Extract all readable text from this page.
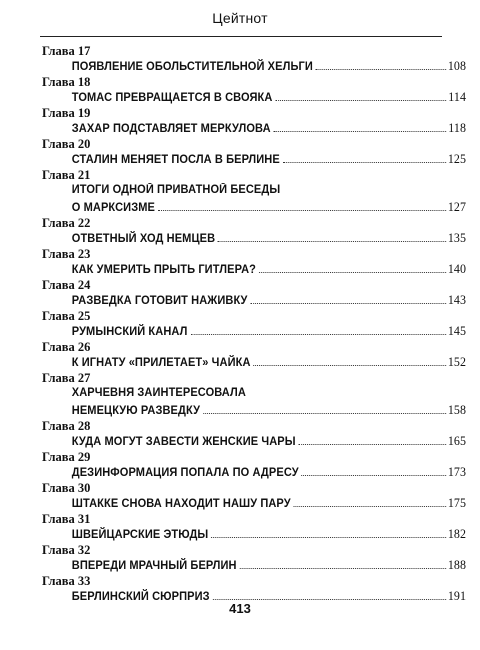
Цейтнот
Глава 17
ПОЯВЛЕНИЕ ОБОЛЬСТИТЕЛЬНОЙ ХЕЛЬГИ	108
Глава 18
ТОМАС ПРЕВРАЩАЕТСЯ В СВОЯКА	114
Глава 19
ЗАХАР ПОДСТАВЛЯЕТ МЕРКУЛОВА	118
Глава 20
СТАЛИН МЕНЯЕТ ПОСЛА В БЕРЛИНЕ	125
Глава 21
ИТОГИ ОДНОЙ ПРИВАТНОЙ БЕСЕДЫ
О МАРКСИЗМЕ	127
Глава 22
ОТВЕТНЫЙ ХОД НЕМЦЕВ	135
Глава 23
КАК УМЕРИТЬ ПРЫТЬ ГИТЛЕРА?	140
Глава 24
РАЗВЕДКА ГОТОВИТ НАЖИВКУ	143
Глава 25
РУМЫНСКИЙ КАНАЛ	145
Глава 26
К ИГНАТУ «ПРИЛЕТАЕТ» ЧАЙКА	152
Глава 27
ХАРЧЕВНЯ ЗАИНТЕРЕСОВАЛА
НЕМЕЦКУЮ РАЗВЕДКУ	158
Глава 28
КУДА МОГУТ ЗАВЕСТИ ЖЕНСКИЕ ЧАРЫ	165
Глава 29
ДЕЗИНФОРМАЦИЯ ПОПАЛА ПО АДРЕСУ	173
Глава 30
ШТАККЕ СНОВА НАХОДИТ НАШУ ПАРУ	175
Глава 31
ШВЕЙЦАРСКИЕ ЭТЮДЫ	182
Глава 32
ВПЕРЕДИ МРАЧНЫЙ БЕРЛИН	188
Глава 33
БЕРЛИНСКИЙ СЮРПРИЗ	191
413
